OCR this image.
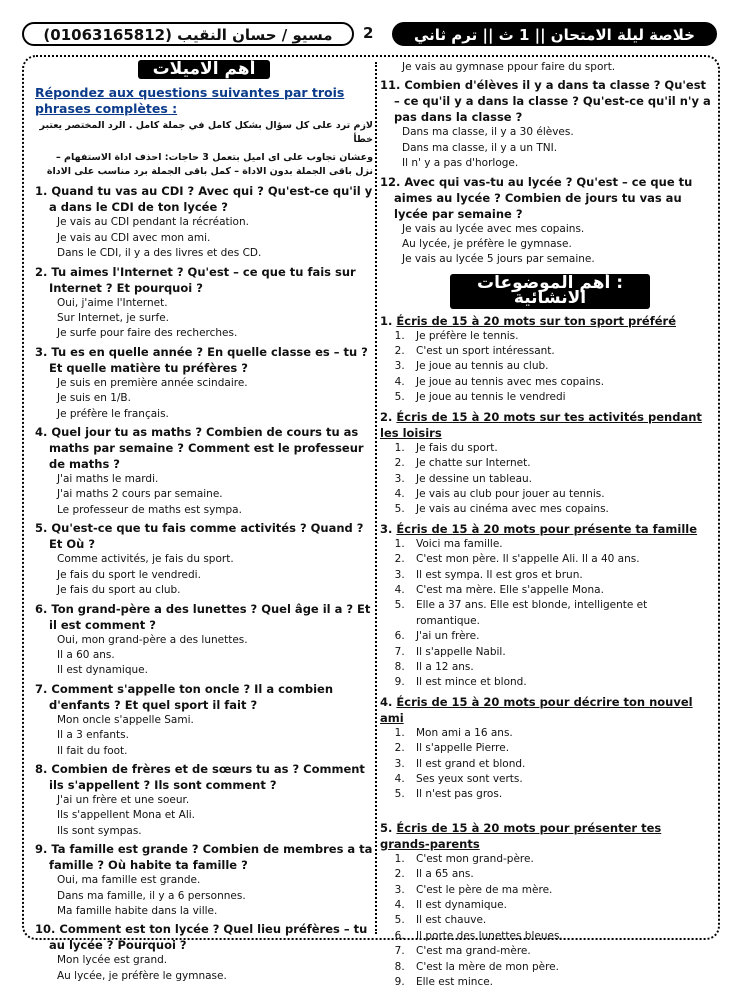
مسيو / حسان النقيب (01063165812)	2	خلاصة ليلة الامتحان || 1 ث || ترم ثاني 2019
أهم الاميلات
Répondez aux questions suivantes par trois phrases complètes :
لازم ترد على كل سؤال بشكل كامل في جملة كامل . الرد المختصر يعتبر خطأ
وعشان تجاوب على اى اميل بتعمل 3 حاجات: احذف اداة الاستفهام – نزل باقى الجملة بدون الاداة – كمل باقى الجملة برد مناسب على الاداة
1. Quand tu vas au CDI ? Avec qui ? Qu'est-ce qu'il y a dans le CDI de ton lycée ?
Je vais au CDI pendant la récréation.
Je vais au CDI avec mon ami.
Dans le CDI, il y a des livres et des CD.
2. Tu aimes l'Internet ? Qu'est – ce que tu fais sur Internet ? Et pourquoi ?
Oui, j'aime l'Internet.
Sur Internet, je surfe.
Je surfe pour faire des recherches.
3. Tu es en quelle année ? En quelle classe es – tu ? Et quelle matière tu préfères ?
Je suis en première année scindaire.
Je suis en 1/B.
Je préfère le français.
4. Quel jour tu as maths ? Combien de cours tu as maths par semaine ? Comment est le professeur de maths ?
J'ai maths le mardi.
J'ai maths 2 cours par semaine.
Le professeur de maths est sympa.
5. Qu'est-ce que tu fais comme activités ? Quand ? Et Où ?
Comme activités, je fais du sport.
Je fais du sport le vendredi.
Je fais du sport au club.
6. Ton grand-père a des lunettes ? Quel âge il a ? Et il est comment ?
Oui, mon grand-père a des lunettes.
Il a 60 ans.
Il est dynamique.
7. Comment s'appelle ton oncle ? Il a combien d'enfants ? Et quel sport il fait ?
Mon oncle s'appelle Sami.
Il a 3 enfants.
Il fait du foot.
8. Combien de frères et de sœurs tu as ? Comment ils s'appellent ? Ils sont comment ?
J'ai un frère et une soeur.
Ils s'appellent Mona et Ali.
Ils sont sympas.
9. Ta famille est grande ? Combien de membres a ta famille ? Où habite ta famille ?
Oui, ma famille est grande.
Dans ma famille, il y a 6 personnes.
Ma famille habite dans la ville.
10. Comment est ton lycée ? Quel lieu préfères – tu au lycée ? Pourquoi ?
Mon lycée est grand.
Au lycée, je préfère le gymnase.
Je vais au gymnase ppour faire du sport.
11. Combien d'élèves il y a dans ta classe ? Qu'est – ce qu'il y a dans la classe ? Qu'est-ce qu'il n'y a pas dans la classe ?
Dans ma classe, il y a 30 élèves.
Dans ma classe, il y a un TNI.
Il n' y a pas d'horloge.
12. Avec qui vas-tu au lycée ? Qu'est – ce que tu aimes au lycée ? Combien de jours tu vas au lycée par semaine ?
Je vais au lycée avec mes copains.
Au lycée, je préfère le gymnase.
Je vais au lycée 5 jours par semaine.
: أهم الموضوعات الانشائية
1. Écris de 15 à 20 mots sur ton sport préféré
1. Je préfère le tennis.
2. C'est un sport intéressant.
3. Je joue au tennis au club.
4. Je joue au tennis avec mes copains.
5. Je joue au tennis le vendredi
2. Écris de 15 à 20 mots sur tes activités pendant les loisirs
1. Je fais du sport.
2. Je chatte sur Internet.
3. Je dessine un tableau.
4. Je vais au club pour jouer au tennis.
5. Je vais au cinéma avec mes copains.
3. Écris de 15 à 20 mots pour présente ta famille
1. Voici ma famille.
2. C'est mon père. Il s'appelle Ali. Il a 40 ans.
3. Il est sympa. Il est gros et brun.
4. C'est ma mère. Elle s'appelle Mona.
5. Elle a 37 ans. Elle est blonde, intelligente et romantique.
6. J'ai un frère.
7. Il s'appelle Nabil.
8. Il a 12 ans.
9. Il est mince et blond.
4. Écris de 15 à 20 mots pour décrire ton nouvel ami
1. Mon ami a 16 ans.
2. Il s'appelle Pierre.
3. Il est grand et blond.
4. Ses yeux sont verts.
5. Il n'est pas gros.
5. Écris de 15 à 20 mots pour présenter tes grands-parents
1. C'est mon grand-père.
2. Il a 65 ans.
3. C'est le père de ma mère.
4. Il est dynamique.
5. Il est chauve.
6. Il porte des lunettes bleues.
7. C'est ma grand-mère.
8. C'est la mère de mon père.
9. Elle est mince.
